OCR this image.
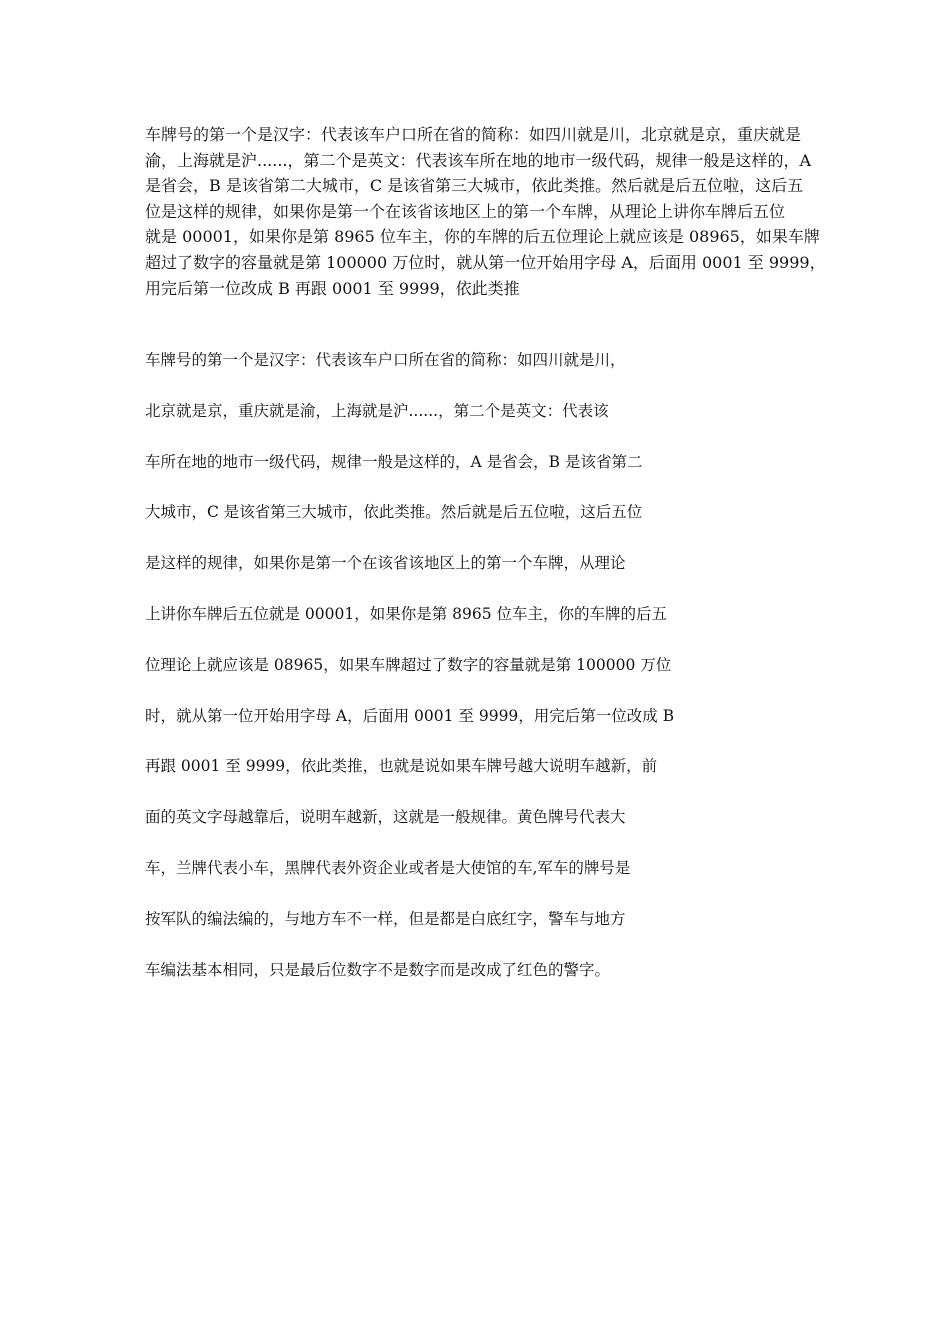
车牌号的第一个是汉字：代表该车户口所在省的简称：如四川就是川，北京就是京，重庆就是
渝，上海就是沪......，第二个是英文：代表该车所在地的地市一级代码，规律一般是这样的，A
是省会，B 是该省第二大城市，C 是该省第三大城市，依此类推。然后就是后五位啦，这后五
位是这样的规律，如果你是第一个在该省该地区上的第一个车牌，从理论上讲你车牌后五位
就是 00001，如果你是第 8965 位车主，你的车牌的后五位理论上就应该是 08965，如果车牌
超过了数字的容量就是第 100000 万位时，就从第一位开始用字母 A，后面用 0001 至 9999，
用完后第一位改成 B 再跟 0001 至 9999，依此类推
车牌号的第一个是汉字：代表该车户口所在省的简称：如四川就是川，
北京就是京，重庆就是渝，上海就是沪......，第二个是英文：代表该
车所在地的地市一级代码，规律一般是这样的，A 是省会，B 是该省第二
大城市，C 是该省第三大城市，依此类推。然后就是后五位啦，这后五位
是这样的规律，如果你是第一个在该省该地区上的第一个车牌，从理论
上讲你车牌后五位就是 00001，如果你是第 8965 位车主，你的车牌的后五
位理论上就应该是 08965，如果车牌超过了数字的容量就是第 100000 万位
时，就从第一位开始用字母 A，后面用 0001 至 9999，用完后第一位改成 B
再跟 0001 至 9999，依此类推，也就是说如果车牌号越大说明车越新，前
面的英文字母越靠后，说明车越新，这就是一般规律。黄色牌号代表大
车，兰牌代表小车，黑牌代表外资企业或者是大使馆的车,军车的牌号是
按军队的编法编的，与地方车不一样，但是都是白底红字，警车与地方
车编法基本相同，只是最后位数字不是数字而是改成了红色的警字。
